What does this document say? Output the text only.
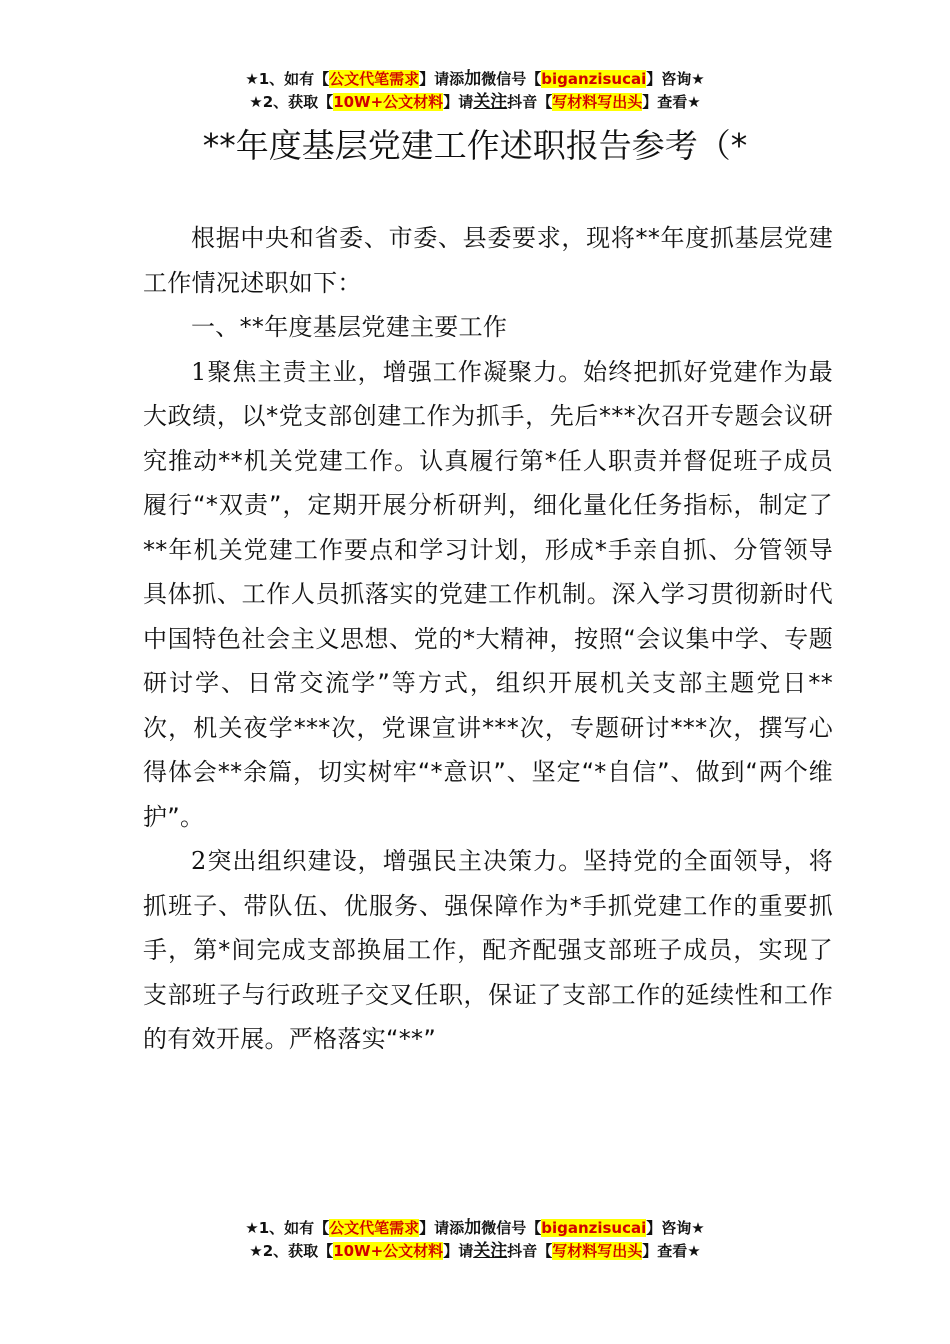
★1、如有【公文代笔需求】请添加微信号【biganzisucai】咨询★
★2、获取【10W+公文材料】请关注抖音【写材料写出头】查看★
**年度基层党建工作述职报告参考（*

根据中央和省委、市委、县委要求，现将**年度抓基层党建工作情况述职如下：

一、**年度基层党建主要工作

1聚焦主责主业，增强工作凝聚力。始终把抓好党建作为最大政绩，以*党支部创建工作为抓手，先后***次召开专题会议研究推动**机关党建工作。认真履行第*任人职责并督促班子成员履行“*双责”，定期开展分析研判，细化量化任务指标，制定了**年机关党建工作要点和学习计划，形成*手亲自抓、分管领导具体抓、工作人员抓落实的党建工作机制。深入学习贯彻新时代中国特色社会主义思想、党的*大精神，按照“会议集中学、专题研讨学、日常交流学”等方式，组织开展机关支部主题党日**次，机关夜学***次，党课宣讲***次，专题研讨***次，撰写心得体会**余篇，切实树牢“*意识”、坚定“*自信”、做到“两个维护”。

2突出组织建设，增强民主决策力。坚持党的全面领导，将抓班子、带队伍、优服务、强保障作为*手抓党建工作的重要抓手，第*间完成支部换届工作，配齐配强支部班子成员，实现了支部班子与行政班子交叉任职，保证了支部工作的延续性和工作的有效开展。严格落实“**”

★1、如有【公文代笔需求】请添加微信号【biganzisucai】咨询★
★2、获取【10W+公文材料】请关注抖音【写材料写出头】查看★
